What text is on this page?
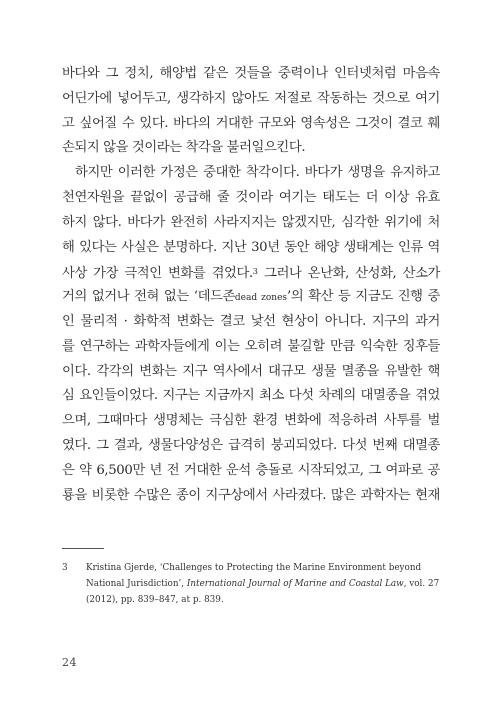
바다와 그 정치, 해양법 같은 것들을 중력이나 인터넷처럼 마음속
어딘가에 넣어두고, 생각하지 않아도 저절로 작동하는 것으로 여기
고 싶어질 수 있다. 바다의 거대한 규모와 영속성은 그것이 결코 훼
손되지 않을 것이라는 착각을 불러일으킨다.
하지만 이러한 가정은 중대한 착각이다. 바다가 생명을 유지하고
천연자원을 끝없이 공급해 줄 것이라 여기는 태도는 더 이상 유효
하지 않다. 바다가 완전히 사라지지는 않겠지만, 심각한 위기에 처
해 있다는 사실은 분명하다. 지난 30년 동안 해양 생태계는 인류 역
사상 가장 극적인 변화를 겪었다.$^3$ 그러나 온난화, 산성화, 산소가
거의 없거나 전혀 없는 ‘데드존dead zones’의 확산 등 지금도 진행 중
인 물리적 · 화학적 변화는 결코 낯선 현상이 아니다. 지구의 과거
를 연구하는 과학자들에게 이는 오히려 불길할 만큼 익숙한 징후들
이다. 각각의 변화는 지구 역사에서 대규모 생물 멸종을 유발한 핵
심 요인들이었다. 지구는 지금까지 최소 다섯 차례의 대멸종을 겪었
으며, 그때마다 생명체는 극심한 환경 변화에 적응하려 사투를 벌
였다. 그 결과, 생물다양성은 급격히 붕괴되었다. 다섯 번째 대멸종
은 약 6,500만 년 전 거대한 운석 충돌로 시작되었고, 그 여파로 공
룡을 비롯한 수많은 종이 지구상에서 사라졌다. 많은 과학자는 현재
3 Kristina Gjerde, ‘Challenges to Protecting the Marine Environment beyond National Jurisdiction’, International Journal of Marine and Coastal Law, vol. 27 (2012), pp. 839–847, at p. 839.
24
